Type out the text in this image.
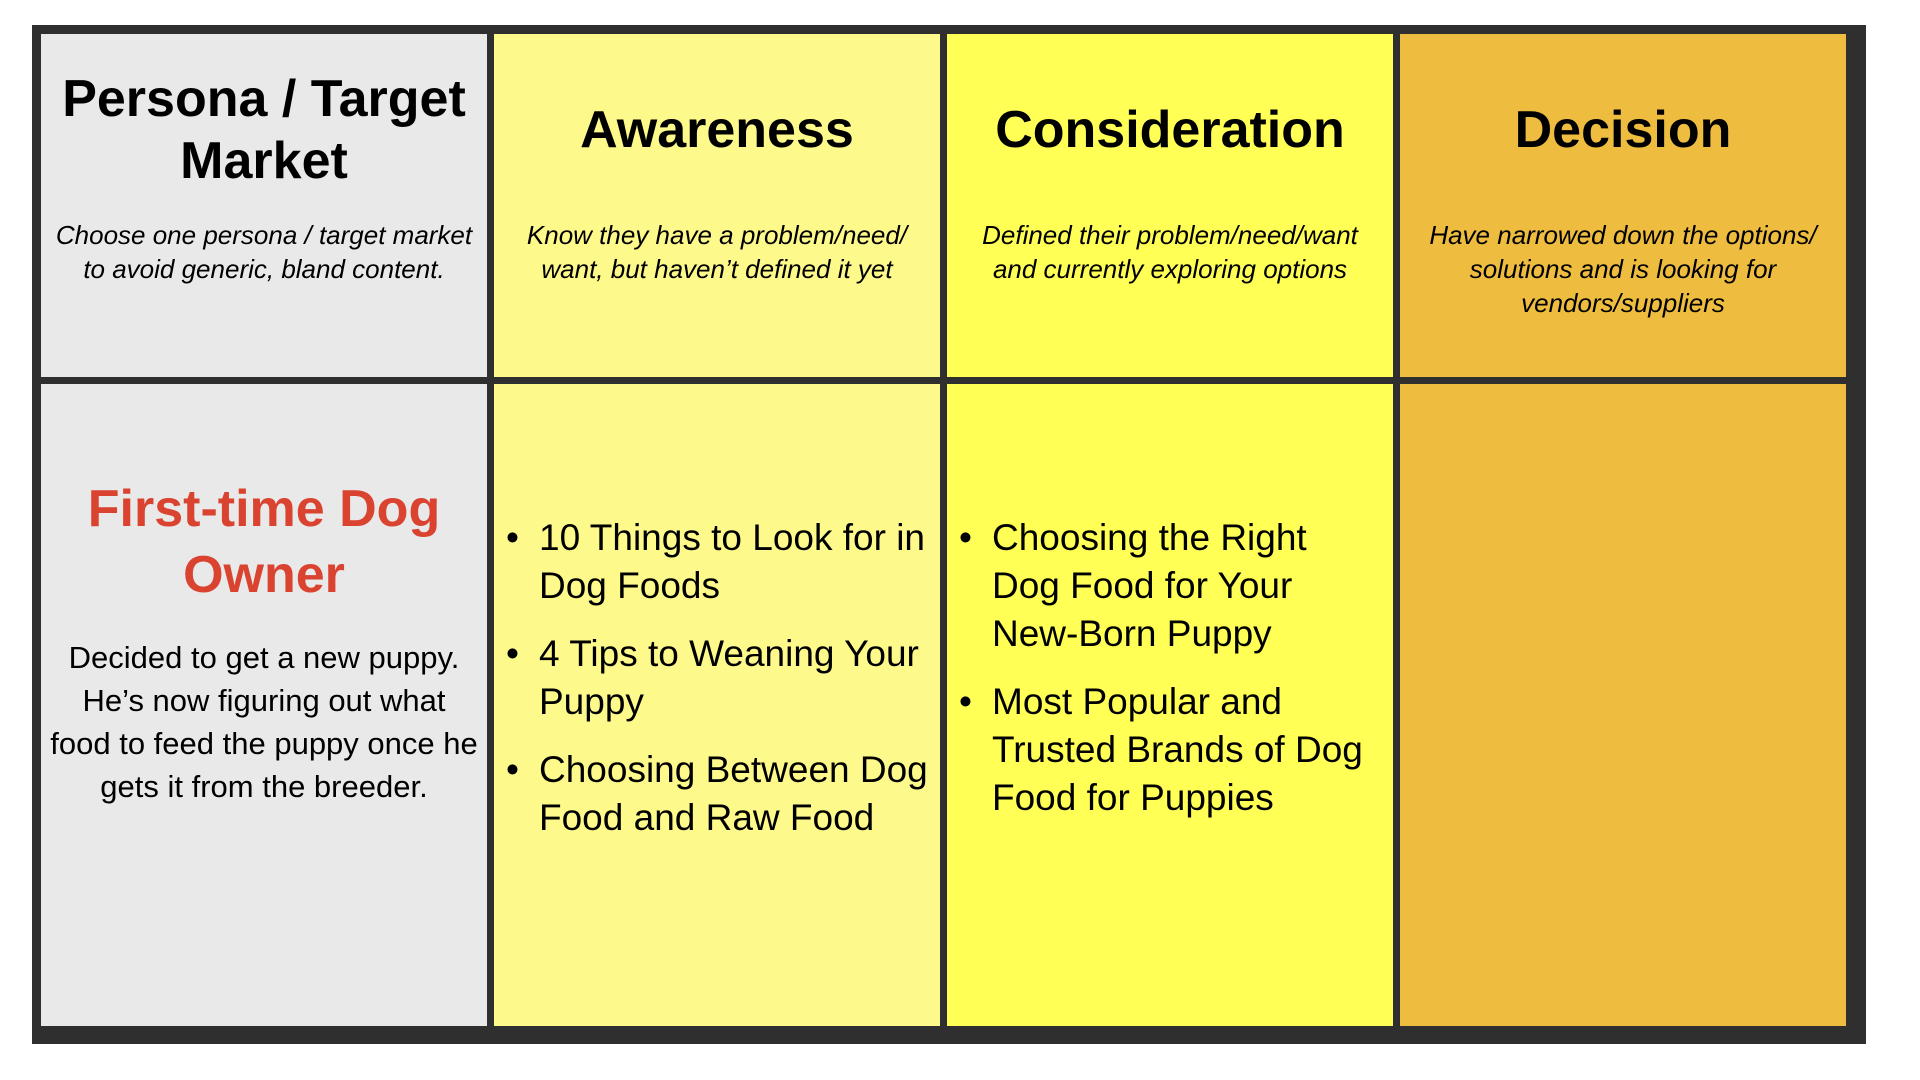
Persona / Target Market

Choose one persona / target market to avoid generic, bland content.

Awareness

Know they have a problem/need/ want, but haven’t defined it yet

Consideration

Defined their problem/need/want and currently exploring options

Decision

Have narrowed down the options/ solutions and is looking for vendors/suppliers

First-time Dog Owner

Decided to get a new puppy. He’s now figuring out what food to feed the puppy once he gets it from the breeder.

• 10 Things to Look for in Dog Foods
• 4 Tips to Weaning Your Puppy
• Choosing Between Dog Food and Raw Food
• Choosing the Right Dog Food for Your New-Born Puppy
• Most Popular and Trusted Brands of Dog Food for Puppies
